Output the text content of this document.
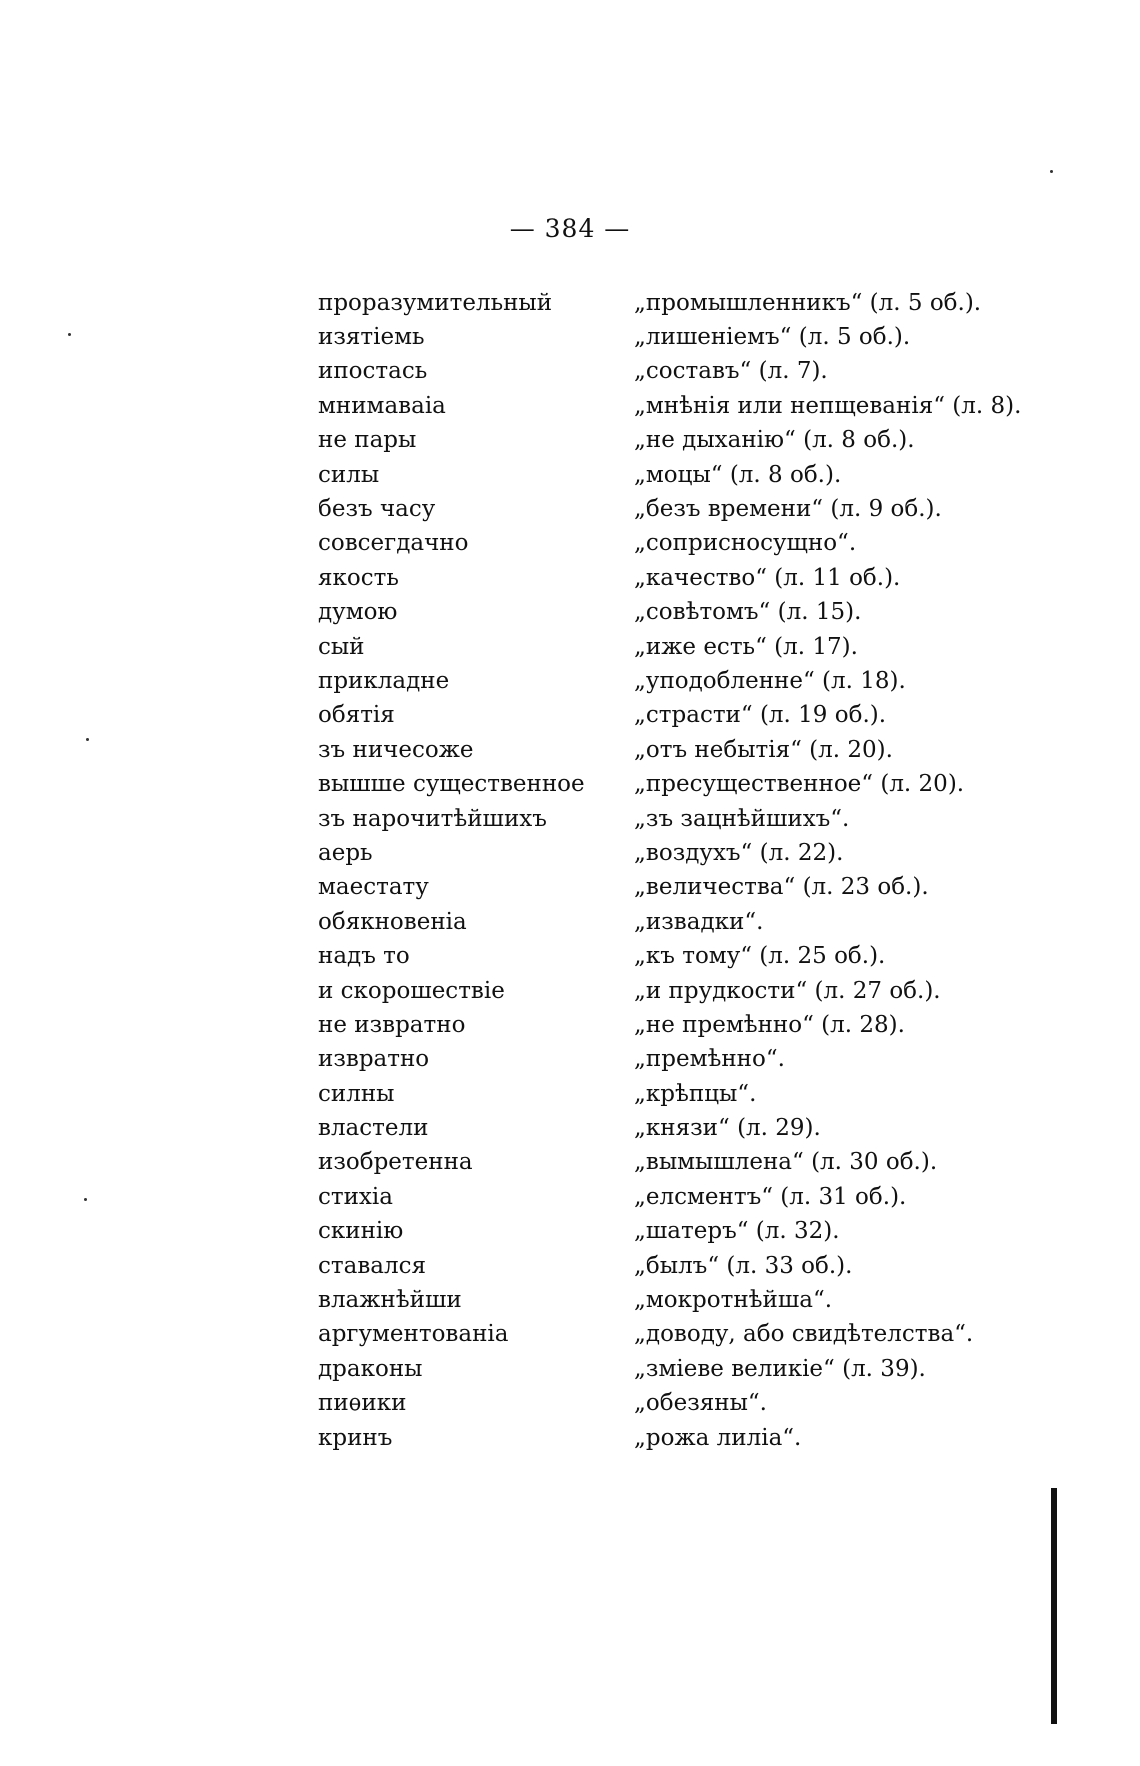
— 384 —
проразумительный	„промышленникъ“ (л. 5 об.).
изятіемь	„лишеніемъ“ (л. 5 об.).
ипостась	„составъ“ (л. 7).
мнимаваіа	„мнѣнія или непщеванія“ (л. 8).
не пары	„не дыханію“ (л. 8 об.).
силы	„моцы“ (л. 8 об.).
безъ часу	„безъ времени“ (л. 9 об.).
совсегдачно	„соприсносущно“.
якость	„качество“ (л. 11 об.).
думою	„совѣтомъ“ (л. 15).
сый	„иже есть“ (л. 17).
прикладне	„уподобленне“ (л. 18).
обятія	„страсти“ (л. 19 об.).
зъ ничесоже	„отъ небытія“ (л. 20).
вышше существенное	„пресущественное“ (л. 20).
зъ нарочитѣйшихъ	„зъ зацнѣйшихъ“.
аерь	„воздухъ“ (л. 22).
маестату	„величества“ (л. 23 об.).
обякновеніа	„извадки“.
надъ то	„къ тому“ (л. 25 об.).
и скорошествіе	„и прудкости“ (л. 27 об.).
не извратно	„не премѣнно“ (л. 28).
извратно	„премѣнно“.
силны	„крѣпцы“.
властели	„князи“ (л. 29).
изобретенна	„вымышлена“ (л. 30 об.).
стихіа	„елсментъ“ (л. 31 об.).
скинію	„шатеръ“ (л. 32).
ставался	„былъ“ (л. 33 об.).
влажнѣйши	„мокротнѣйша“.
аргументованіа	„доводу, або свидѣтелства“.
драконы	„зміеве великіе“ (л. 39).
пиѳики	„обезяны“.
кринъ	„рожа лиліа“.
